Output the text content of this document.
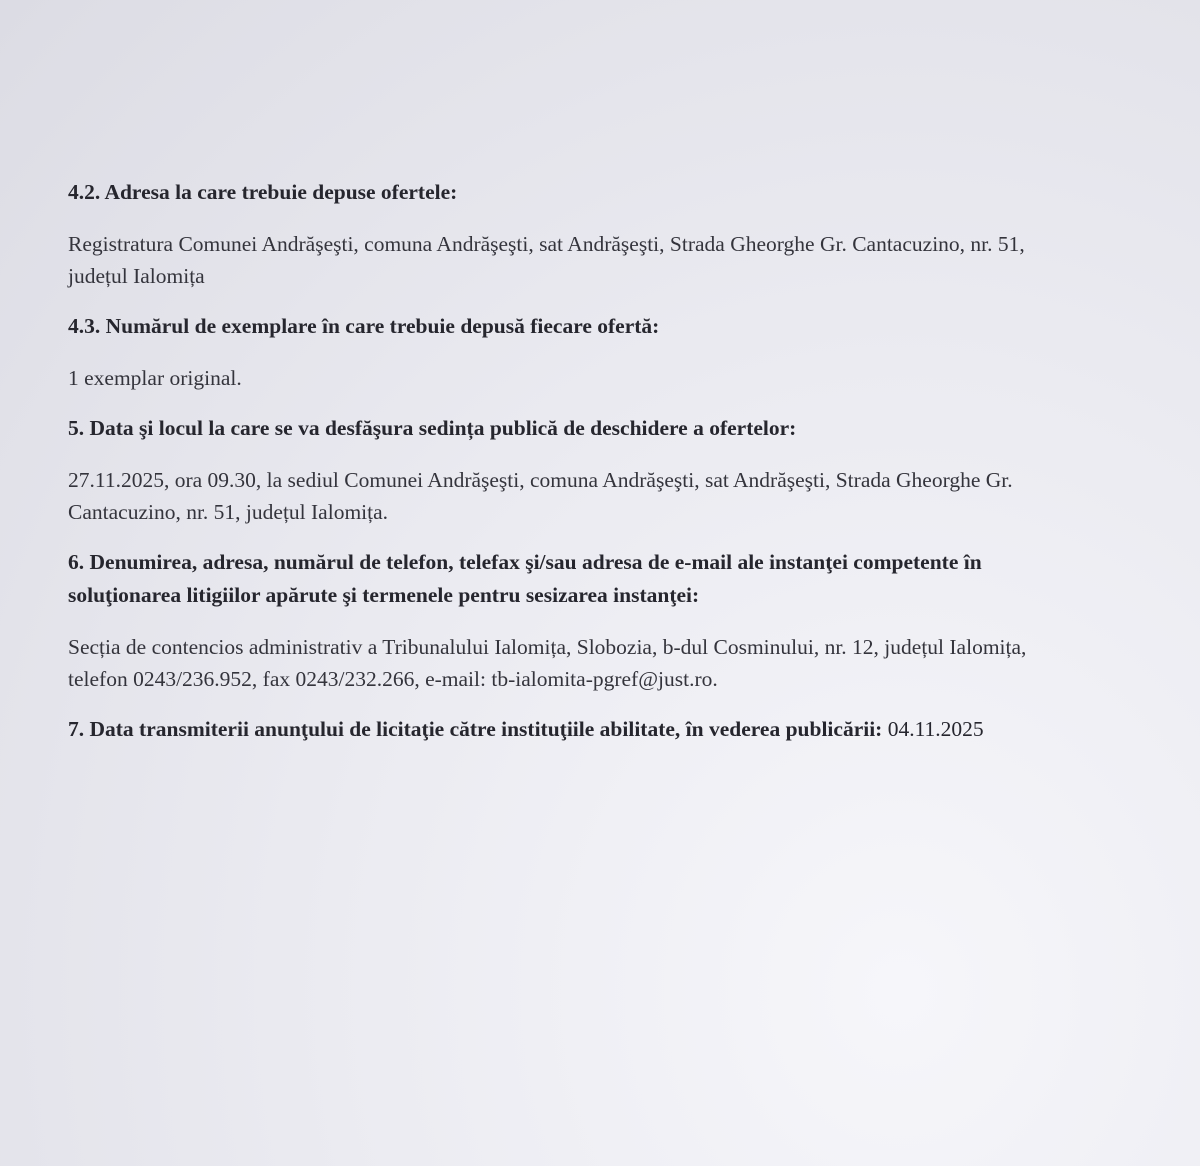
4.2. Adresa la care trebuie depuse ofertele:
Registratura Comunei Andrăşeşti, comuna Andrăşeşti, sat Andrăşeşti, Strada Gheorghe Gr. Cantacuzino, nr. 51,
județul Ialomița
4.3. Numărul de exemplare în care trebuie depusă fiecare ofertă:
1 exemplar original.
5. Data şi locul la care se va desfăşura sedința publică de deschidere a ofertelor:
27.11.2025, ora 09.30, la sediul Comunei Andrăşeşti, comuna Andrăşeşti, sat Andrăşeşti, Strada Gheorghe Gr.
Cantacuzino, nr. 51, județul Ialomița.
6. Denumirea, adresa, numărul de telefon, telefax şi/sau adresa de e-mail ale instanţei competente în
soluţionarea litigiilor apărute şi termenele pentru sesizarea instanţei:
Secția de contencios administrativ a Tribunalului Ialomița, Slobozia, b-dul Cosminului, nr. 12, județul Ialomița,
telefon 0243/236.952, fax 0243/232.266, e-mail: tb-ialomita-pgref@just.ro.
7. Data transmiterii anunţului de licitaţie către instituţiile abilitate, în vederea publicării: 04.11.2025
